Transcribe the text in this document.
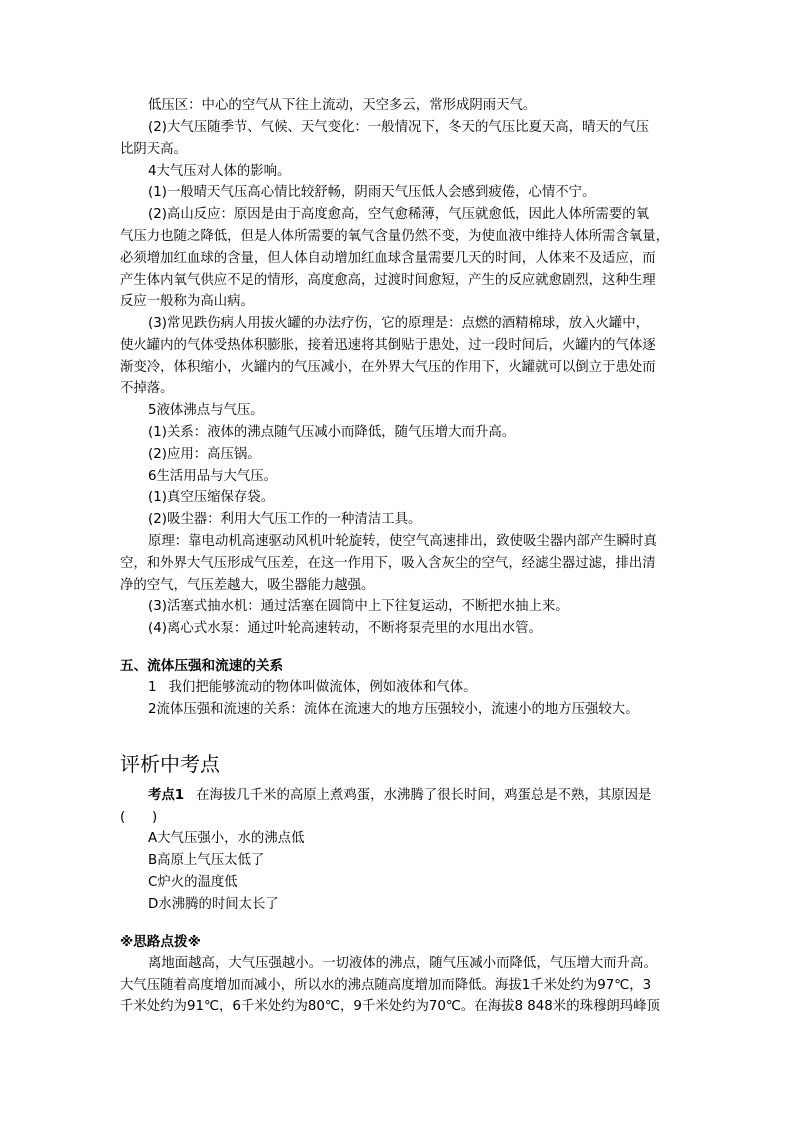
低压区：中心的空气从下往上流动，天空多云，常形成阴雨天气。
(2)大气压随季节、气候、天气变化：一般情况下，冬天的气压比夏天高，晴天的气压
比阴天高。
4大气压对人体的影响。
(1)一般晴天气压高心情比较舒畅，阴雨天气压低人会感到疲倦，心情不宁。
(2)高山反应：原因是由于高度愈高，空气愈稀薄，气压就愈低，因此人体所需要的氧
气压力也随之降低，但是人体所需要的氧气含量仍然不变，为使血液中维持人体所需含氧量，
必须增加红血球的含量，但人体自动增加红血球含量需要几天的时间，人体来不及适应，而
产生体内氧气供应不足的情形，高度愈高，过渡时间愈短，产生的反应就愈剧烈，这种生理
反应一般称为高山病。
(3)常见跌伤病人用拔火罐的办法疗伤，它的原理是：点燃的酒精棉球，放入火罐中，
使火罐内的气体受热体积膨胀，接着迅速将其倒贴于患处，过一段时间后，火罐内的气体逐
渐变冷，体积缩小，火罐内的气压减小，在外界大气压的作用下，火罐就可以倒立于患处而
不掉落。
5液体沸点与气压。
(1)关系：液体的沸点随气压减小而降低，随气压增大而升高。
(2)应用：高压锅。
6生活用品与大气压。
(1)真空压缩保存袋。
(2)吸尘器：利用大气压工作的一种清洁工具。
原理：靠电动机高速驱动风机叶轮旋转，使空气高速排出，致使吸尘器内部产生瞬时真
空，和外界大气压形成气压差，在这一作用下，吸入含灰尘的空气，经滤尘器过滤，排出清
净的空气，气压差越大，吸尘器能力越强。
(3)活塞式抽水机：通过活塞在圆筒中上下往复运动，不断把水抽上来。
(4)离心式水泵：通过叶轮高速转动，不断将泵壳里的水甩出水管。
五、流体压强和流速的关系
1 我们把能够流动的物体叫做流体，例如液体和气体。
2流体压强和流速的关系：流体在流速大的地方压强较小，流速小的地方压强较大。
评析中考点
考点1 在海拔几千米的高原上煮鸡蛋，水沸腾了很长时间，鸡蛋总是不熟，其原因是
(　　)
A大气压强小，水的沸点低
B高原上气压太低了
C炉火的温度低
D水沸腾的时间太长了
※思路点拨※
离地面越高，大气压强越小。一切液体的沸点，随气压减小而降低，气压增大而升高。
大气压随着高度增加而减小，所以水的沸点随高度增加而降低。海拔1千米处约为97℃，3
千米处约为91℃，6千米处约为80℃，9千米处约为70℃。在海拔8 848米的珠穆朗玛峰顶
